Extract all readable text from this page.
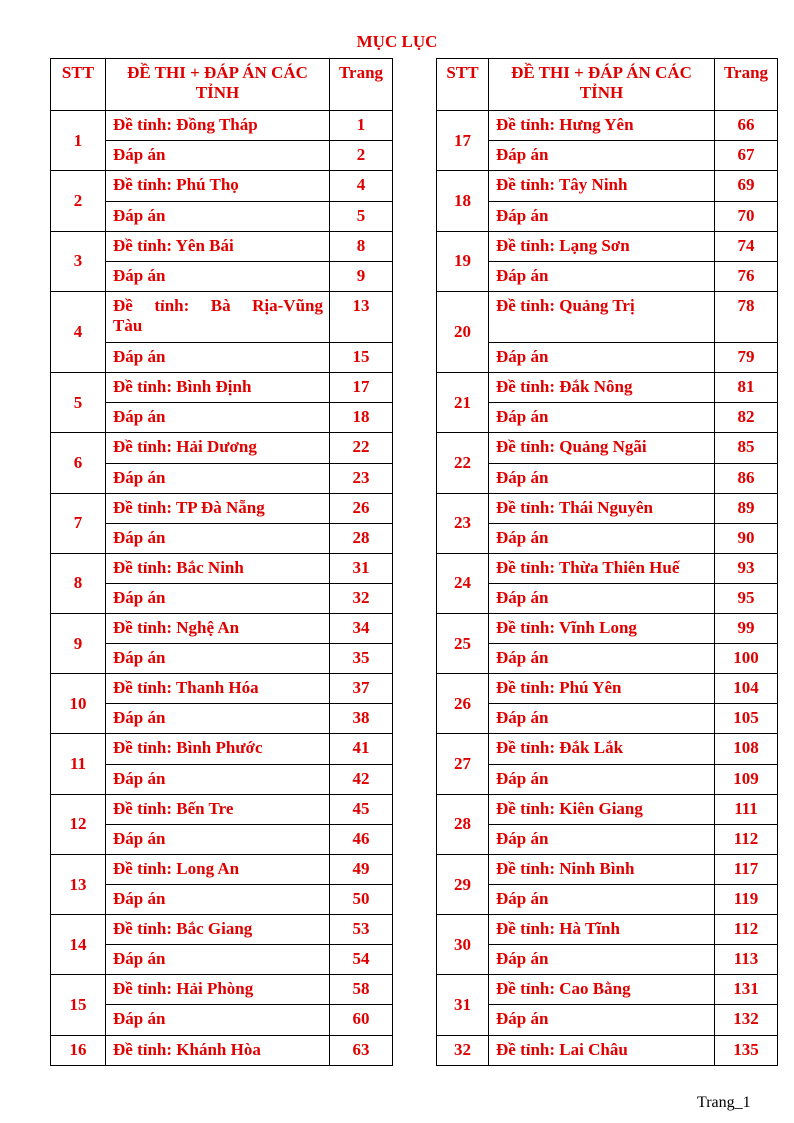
MỤC LỤC
STT	ĐỀ THI + ĐÁP ÁN CÁC TỈNH	Trang		STT	ĐỀ THI + ĐÁP ÁN CÁC TỈNH	Trang
1	Đề tỉnh: Đồng Tháp	1		17	Đề tỉnh: Hưng Yên	66
	Đáp án	2			Đáp án	67
2	Đề tỉnh: Phú Thọ	4		18	Đề tỉnh: Tây Ninh	69
	Đáp án	5			Đáp án	70
3	Đề tỉnh: Yên Bái	8		19	Đề tỉnh: Lạng Sơn	74
	Đáp án	9			Đáp án	76
4	Đề tỉnh: Bà Rịa-Vũng
Tàu	13		20	Đề tỉnh: Quảng Trị	78
	Đáp án	15			Đáp án	79
5	Đề tỉnh: Bình Định	17		21	Đề tỉnh: Đắk Nông	81
	Đáp án	18			Đáp án	82
6	Đề tỉnh: Hải Dương	22		22	Đề tỉnh: Quảng Ngãi	85
	Đáp án	23			Đáp án	86
7	Đề tỉnh: TP Đà Nẵng	26		23	Đề tỉnh: Thái Nguyên	89
	Đáp án	28			Đáp án	90
8	Đề tỉnh: Bắc Ninh	31		24	Đề tỉnh: Thừa Thiên Huế	93
	Đáp án	32			Đáp án	95
9	Đề tỉnh: Nghệ An	34		25	Đề tỉnh: Vĩnh Long	99
	Đáp án	35			Đáp án	100
10	Đề tỉnh: Thanh Hóa	37		26	Đề tỉnh: Phú Yên	104
	Đáp án	38			Đáp án	105
11	Đề tỉnh: Bình Phước	41		27	Đề tỉnh: Đắk Lắk	108
	Đáp án	42			Đáp án	109
12	Đề tỉnh: Bến Tre	45		28	Đề tỉnh: Kiên Giang	111
	Đáp án	46			Đáp án	112
13	Đề tỉnh: Long An	49		29	Đề tỉnh: Ninh Bình	117
	Đáp án	50			Đáp án	119
14	Đề tỉnh: Bắc Giang	53		30	Đề tỉnh: Hà Tĩnh	112
	Đáp án	54			Đáp án	113
15	Đề tỉnh: Hải Phòng	58		31	Đề tỉnh: Cao Bằng	131
	Đáp án	60			Đáp án	132
16	Đề tỉnh: Khánh Hòa	63		32	Đề tỉnh: Lai Châu	135
Trang_1
